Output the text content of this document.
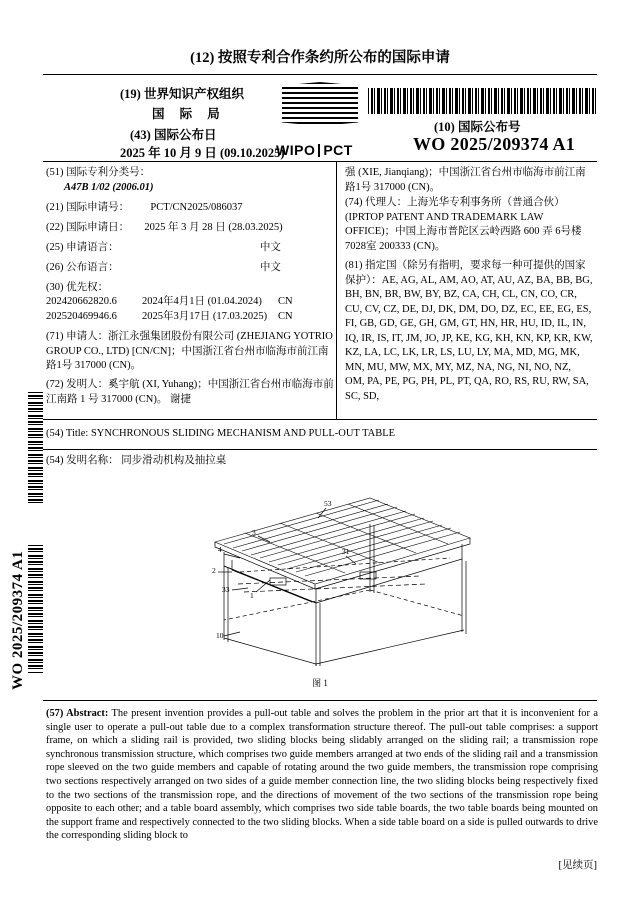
WO 2025/209374 A1
(12) 按照专利合作条约所公布的国际申请
(19) 世界知识产权组织
国 际 局
(43) 国际公布日
2025 年 10 月 9 日 (09.10.2025)
WIPO PCT
(10) 国际公布号
WO 2025/209374 A1
(51) 国际专利分类号：
A47B 1/02 (2006.01)
(21) 国际申请号： PCT/CN2025/086037
(22) 国际申请日： 2025 年 3 月 28 日 (28.03.2025)
(25) 申请语言：	中文
(26) 公布语言：	中文
(30) 优先权：
202420662820.6 2024年4月1日 (01.04.2024) CN
202520469946.6 2025年3月17日 (17.03.2025) CN
(71) 申请人：浙江永强集团股份有限公司 (ZHEJIANG YOTRIO GROUP CO., LTD) [CN/CN]；中国浙江省台州市临海市前江南路1号 317000 (CN)。
(72) 发明人：奚宇航 (XI, Yuhang)；中国浙江省台州市临海市前江南路 1 号 317000 (CN)。 谢捷
强 (XIE, Jianqiang)；中国浙江省台州市临海市前江南路1号 317000 (CN)。
(74) 代理人：上海光华专利事务所（普通合伙）(IPRTOP PATENT AND TRADEMARK LAW OFFICE)；中国上海市普陀区云岭西路 600 弄 6号楼7028室 200333 (CN)。
(81) 指定国（除另有指明，要求每一种可提供的国家保护）：AE, AG, AL, AM, AO, AT, AU, AZ, BA, BB, BG, BH, BN, BR, BW, BY, BZ, CA, CH, CL, CN, CO, CR, CU, CV, CZ, DE, DJ, DK, DM, DO, DZ, EC, EE, EG, ES, FI, GB, GD, GE, GH, GM, GT, HN, HR, HU, ID, IL, IN, IQ, IR, IS, IT, JM, JO, JP, KE, KG, KH, KN, KP, KR, KW, KZ, LA, LC, LK, LR, LS, LU, LY, MA, MD, MG, MK, MN, MU, MW, MX, MY, MZ, NA, NG, NI, NO, NZ, OM, PA, PE, PG, PH, PL, PT, QA, RO, RS, RU, RW, SA, SC, SD,
(54) Title: SYNCHRONOUS SLIDING MECHANISM AND PULL-OUT TABLE
(54) 发明名称： 同步滑动机构及抽拉桌
53
3
31
4
2
33
1
10
图 1
(57) Abstract: The present invention provides a pull-out table and solves the problem in the prior art that it is inconvenient for a single user to operate a pull-out table due to a complex transformation structure thereof. The pull-out table comprises: a support frame, on which a sliding rail is provided, two sliding blocks being slidably arranged on the sliding rail; a transmission rope synchronous transmission structure, which comprises two guide members arranged at two ends of the sliding rail and a transmission rope sleeved on the two guide members and capable of rotating around the two guide members, the transmission rope comprising two sections respectively arranged on two sides of a guide member connection line, the two sliding blocks being respectively fixed to the two sections of the transmission rope, and the directions of movement of the two sections of the transmission rope being opposite to each other; and a table board assembly, which comprises two side table boards, the two table boards being mounted on the support frame and respectively connected to the two sliding blocks. When a side table board on a side is pulled outwards to drive the corresponding sliding block to
[见续页]
